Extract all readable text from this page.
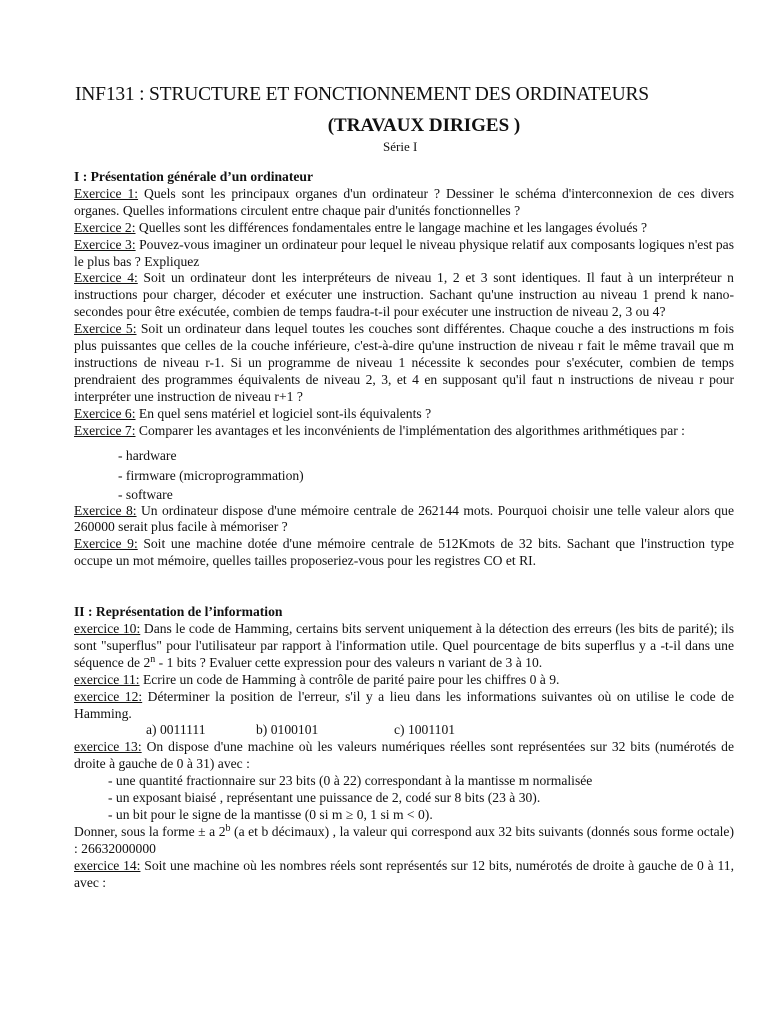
INF131 : STRUCTURE ET FONCTIONNEMENT DES ORDINATEURS
(TRAVAUX DIRIGES )
Série I

I : Présentation générale d’un ordinateur

Exercice 1: Quels sont les principaux organes d'un ordinateur ? Dessiner le schéma d'interconnexion de ces divers organes. Quelles informations circulent entre chaque pair d'unités fonctionnelles ?

Exercice 2: Quelles sont les différences fondamentales entre le langage machine et les langages évolués ?

Exercice 3: Pouvez-vous imaginer un ordinateur pour lequel le niveau physique relatif aux composants logiques n'est pas le plus bas ? Expliquez

Exercice 4: Soit un ordinateur dont les interpréteurs de niveau 1, 2 et 3 sont identiques. Il faut à un interpréteur n instructions pour charger, décoder et exécuter une instruction. Sachant qu'une instruction au niveau 1 prend k nano-secondes pour être exécutée, combien de temps faudra-t-il pour exécuter une instruction de niveau 2, 3 ou 4?

Exercice 5: Soit un ordinateur dans lequel toutes les couches sont différentes. Chaque couche a des instructions m fois plus puissantes que celles de la couche inférieure, c'est-à-dire qu'une instruction de niveau r fait le même travail que m instructions de niveau r-1. Si un programme de niveau 1 nécessite k secondes pour s'exécuter, combien de temps prendraient des programmes équivalents de niveau 2, 3, et 4 en supposant qu'il faut n instructions de niveau r pour interpréter une instruction de niveau r+1 ?

Exercice 6: En quel sens matériel et logiciel sont-ils équivalents ?

Exercice 7: Comparer les avantages et les inconvénients de l'implémentation des algorithmes arithmétiques par :

- hardware
- firmware (microprogrammation)
- software

Exercice 8: Un ordinateur dispose d'une mémoire centrale de 262144 mots. Pourquoi choisir une telle valeur alors que 260000 serait plus facile à mémoriser ?

Exercice 9: Soit une machine dotée d'une mémoire centrale de 512Kmots de 32 bits. Sachant que l'instruction type occupe un mot mémoire, quelles tailles proposeriez-vous pour les registres CO et RI.

II : Représentation de l’information

exercice 10: Dans le code de Hamming, certains bits servent uniquement à la détection des erreurs (les bits de parité); ils sont "superflus" pour l'utilisateur par rapport à l'information utile. Quel pourcentage de bits superflus y a -t-il dans une séquence de 2$^n$ - 1 bits ? Evaluer cette expression pour des valeurs n variant de 3 à 10.

exercice 11: Ecrire un code de Hamming à contrôle de parité paire pour les chiffres 0 à 9.

exercice 12: Déterminer la position de l'erreur, s'il y a lieu dans les informations suivantes où on utilise le code de Hamming.

a) 0011111	b) 0100101	c) 1001101

exercice 13: On dispose d'une machine où les valeurs numériques réelles sont représentées sur 32 bits (numérotés de droite à gauche de 0 à 31) avec :

- une quantité fractionnaire sur 23 bits (0 à 22) correspondant à la mantisse m normalisée
- un exposant biaisé , représentant une puissance de 2, codé sur 8 bits (23 à 30).
- un bit pour le signe de la mantisse (0 si m ≥ 0, 1 si m < 0).

Donner, sous la forme ± a 2$^b$ (a et b décimaux) , la valeur qui correspond aux 32 bits suivants (donnés sous forme octale) : 26632000000

exercice 14: Soit une machine où les nombres réels sont représentés sur 12 bits, numérotés de droite à gauche de 0 à 11, avec :
